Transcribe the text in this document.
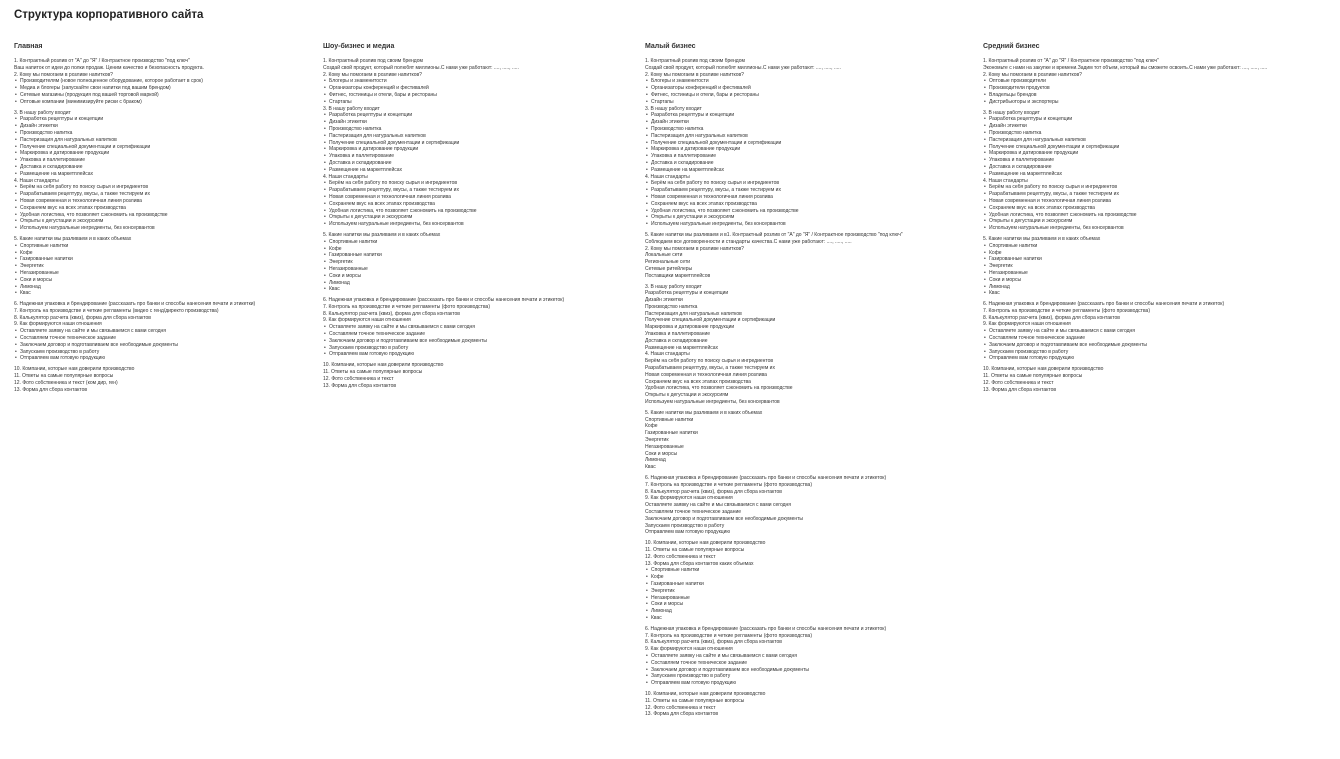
Структура корпоративного сайта
Главная
1. Контрактный розлив от "А" до "Я" / Контрактное производство "под ключ"
Ваш напиток от идеи до полки продаж. Ценим качество и безопасность продукта.
2. Кому мы помогаем в розливе напитков?
• Производителям (новое полноценное оборудование, которое работает в срок)
• Медиа и блогеры (запускайте свои напитки под вашим брендом)
• Сетевые магазины (продукция под вашей торговой маркой)
• Оптовые компании (минимизируйте риски с браком)
3. В нашу работу входит
• Разработка рецептуры и концепции
• Дизайн этикетки
• Производство напитка
• Пастеризация для натуральных напитков
• Получение специальной документации и сертификации
• Маркировка и датирование продукции
• Упаковка и паллетирование
• Доставка и складирование
• Размещение на маркетплейсах
4. Наши стандарты
• Берём на себя работу по поиску сырья и ингредиентов
• Разрабатываем рецептуру, вкусы, а также тестируем их
• Новая современная и технологичная линия розлива
• Сохраняем вкус на всех этапах производства
• Удобная логистика, что позволяет сэкономить на производстве
• Открыты к дегустации и экскурсиям
• Используем натуральные ингредиенты, без консервантов
5. Какие напитки мы разливаем и в каких объемах
• Спортивные напитки
• Кофе
• Газированные напитки
• Энергетик
• Негазированные
• Соки и морсы
• Лимонад
• Квас
6. Надежная упаковка и брендирование (рассказать про банки и способы нанесения печати и этикетки)
7. Контроль на производстве и четкие регламенты (видео с генд/директо производства)
8. Калькулятор расчета (квиз), форма для сбора контактов
9. Как формируются наши отношения
• Оставляете заявку на сайте и мы связываемся с вами сегодня
• Составляем точное техническое задание
• Заключаем договор и подготавливаем все необходимые документы
• Запускаем производство в работу
• Отправляем вам готовую продукцию
10. Компании, которые нам доверили производство
11. Ответы на самые популярные вопросы
12. Фото собственника и текст (ком дир, ген)
13. Форма для сбора контактов
Шоу-бизнес и медиа
1. Контрактный розлив под своим брендом
Создай свой продукт, который полюбят миллионы.С нами уже работают: ...., ....., .....
2. Кому мы помогаем в розливе напитков?
• Блогеры и знаменитости
• Организаторы конференций и фестивалей
• Фитнес, гостиницы и отели, бары и рестораны
• Стартапы
3. В нашу работу входит
• Разработка рецептуры и концепции
• Дизайн этикетки
• Производство напитка
• Пастеризация для натуральных напитков
• Получение специальной документации и сертификации
• Маркировка и датирование продукции
• Упаковка и паллетирование
• Доставка и складирование
• Размещение на маркетплейсах
4. Наши стандарты
• Берём на себя работу по поиску сырья и ингредиентов
• Разрабатываем рецептуру, вкусы, а также тестируем их
• Новая современная и технологичная линия розлива
• Сохраняем вкус на всех этапах производства
• Удобная логистика, что позволяет сэкономить на производстве
• Открыты к дегустации и экскурсиям
• Используем натуральные ингредиенты, без консервантов
5. Какие напитки мы разливаем и в каких объемах
• Спортивные напитки
• Кофе
• Газированные напитки
• Энергетик
• Негазированные
• Соки и морсы
• Лимонад
• Квас
6. Надежная упаковка и брендирование (рассказать про банки и способы нанесения печати и этикеток)
7. Контроль на производстве и четкие регламенты (фото производства)
8. Калькулятор расчета (квиз), форма для сбора контактов
9. Как формируются наши отношения
• Оставляете заявку на сайте и мы связываемся с вами сегодня
• Составляем точное техническое задание
• Заключаем договор и подготавливаем все необходимые документы
• Запускаем производство в работу
• Отправляем вам готовую продукцию
10. Компании, которые нам доверили производство
11. Ответы на самые популярные вопросы
12. Фото собственника и текст
13. Форма для сбора контактов
Малый бизнес
1. Контрактный розлив под своим брендом
Создай свой продукт, который полюбят миллионы.С нами уже работают: ...., ....., .....
2. Кому мы помогаем в розливе напитков?
• Блогеры и знаменитости
• Организаторы конференций и фестивалей
• Фитнес, гостиницы и отели, бары и рестораны
• Стартапы
3. В нашу работу входит
• Разработка рецептуры и концепции
• Дизайн этикетки
• Производство напитка
• Пастеризация для натуральных напитков
• Получение специальной документации и сертификации
• Маркировка и датирование продукции
• Упаковка и паллетирование
• Доставка и складирование
• Размещение на маркетплейсах
4. Наши стандарты
• Берём на себя работу по поиску сырья и ингредиентов
• Разрабатываем рецептуру, вкусы, а также тестируем их
• Новая современная и технологичная линия розлива
• Сохраняем вкус на всех этапах производства
• Удобная логистика, что позволяет сэкономить на производстве
• Открыты к дегустации и экскурсиям
• Используем натуральные ингредиенты, без консервантов
5. Какие напитки мы разливаем и в1. Контрактный розлив от "А" до "Я" / Контрактное производство "под ключ"
Соблюдаем все договоренности и стандарты качества.С нами уже работают: ...., ....., .....
2. Кому мы помогаем в розливе напитков?
Локальные сети
Региональные сети
Сетевые ритейлеры
Поставщики маркетплейсов
3. В нашу работу входит
Разработка рецептуры и концепции
Дизайн этикетки
Производство напитка
Пастеризация для натуральных напитков
Получение специальной документации и сертификации
Маркировка и датирование продукции
Упаковка и паллетирование
Доставка и складирование
Размещение на маркетплейсах
4. Наши стандарты
Берём на себя работу по поиску сырья и ингредиентов
Разрабатываем рецептуру, вкусы, а также тестируем их
Новая современная и технологичная линия розлива
Сохраняем вкус на всех этапах производства
Удобная логистика, что позволяет сэкономить на производстве
Открыты к дегустации и экскурсиям
Используем натуральные ингредиенты, без консервантов
5. Какие напитки мы разливаем и в каких объемах
Спортивные напитки
Кофе
Газированные напитки
Энергетик
Негазированные
Соки и морсы
Лимонад
Квас
6. Надежная упаковка и брендирование (рассказать про банки и способы нанесения печати и этикеток)
7. Контроль на производстве и четкие регламенты (фото производства)
8. Калькулятор расчета (квиз), форма для сбора контактов
9. Как формируются наши отношения
Оставляете заявку на сайте и мы связываемся с вами сегодня
Составляем точное техническое задание
Заключаем договор и подготавливаем все необходимые документы
Запускаем производство в работу
Отправляем вам готовую продукцию
10. Компании, которые нам доверили производство
11. Ответы на самые популярные вопросы
12. Фото собственника и текст
13. Форма для сбора контактов каких объемах
• Спортивные напитки
• Кофе
• Газированные напитки
• Энергетик
• Негазированные
• Соки и морсы
• Лимонад
• Квас
6. Надежная упаковка и брендирование (рассказать про банки и способы нанесения печати и этикеток)
7. Контроль на производстве и четкие регламенты (фото производства)
8. Калькулятор расчета (квиз), форма для сбора контактов
9. Как формируются наши отношения
• Оставляете заявку на сайте и мы связываемся с вами сегодня
• Составляем точное техническое задание
• Заключаем договор и подготавливаем все необходимые документы
• Запускаем производство в работу
• Отправляем вам готовую продукцию
10. Компании, которые нам доверили производство
11. Ответы на самые популярные вопросы
12. Фото собственника и текст
13. Форма для сбора контактов
Средний бизнес
1. Контрактный розлив от "А" до "Я" / Контрактное производство "под ключ"
Экономьте с нами на закупке и времени.Задим тот объем, который вы сможете освоить.С нами уже работают: ...., ....., .....
2. Кому мы помогаем в розливе напитков?
• Оптовые производители
• Производители продуктов
• Владельцы брендов
• Дистрибьюторы и экспортеры
3. В нашу работу входит
• Разработка рецептуры и концепции
• Дизайн этикетки
• Производство напитка
• Пастеризация для натуральных напитков
• Получение специальной документации и сертификации
• Маркировка и датирование продукции
• Упаковка и паллетирование
• Доставка и складирование
• Размещение на маркетплейсах
4. Наши стандарты
• Берём на себя работу по поиску сырья и ингредиентов
• Разрабатываем рецептуру, вкусы, а также тестируем их
• Новая современная и технологичная линия розлива
• Сохраняем вкус на всех этапах производства
• Удобная логистика, что позволяет сэкономить на производстве
• Открыты к дегустации и экскурсиям
• Используем натуральные ингредиенты, без консервантов
5. Какие напитки мы разливаем и в каких объемах
• Спортивные напитки
• Кофе
• Газированные напитки
• Энергетик
• Негазированные
• Соки и морсы
• Лимонад
• Квас
6. Надежная упаковка и брендирование (рассказать про банки и способы нанесения печати и этикеток)
7. Контроль на производстве и четкие регламенты (фото производства)
8. Калькулятор расчета (квиз), форма для сбора контактов
9. Как формируются наши отношения
• Оставляете заявку на сайте и мы связываемся с вами сегодня
• Составляем точное техническое задание
• Заключаем договор и подготавливаем все необходимые документы
• Запускаем производство в работу
• Отправляем вам готовую продукцию
10. Компании, которые нам доверили производство
11. Ответы на самые популярные вопросы
12. Фото собственника и текст
13. Форма для сбора контактов
